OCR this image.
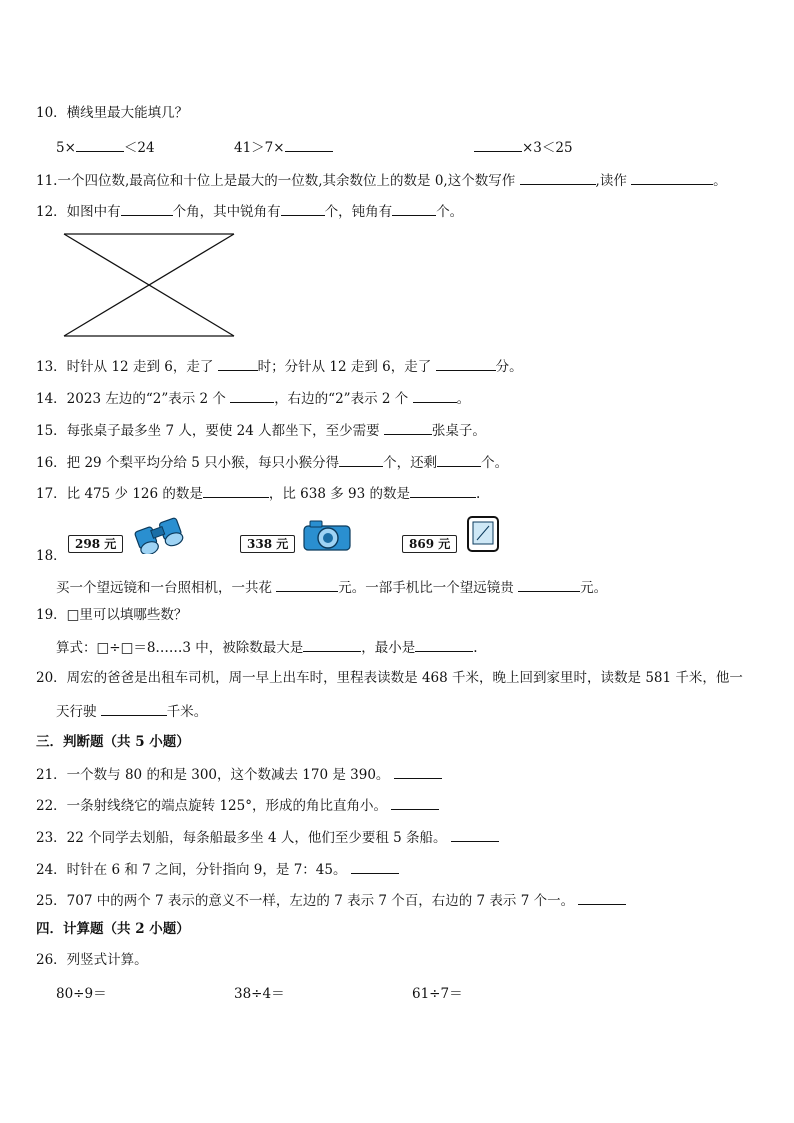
10．横线里最大能填几？
5×	＜24	41＞7×	×3＜25
11.一个四位数,最高位和十位上是最大的一位数,其余数位上的数是 0,这个数写作	,读作	。
12．如图中有	个角，其中锐角有	个，钝角有	个。
13．时针从 12 走到 6，走了	时；分针从 12 走到 6，走了	分。
14．2023 左边的“2”表示 2 个	，右边的“2”表示 2 个	。
15．每张桌子最多坐 7 人，要使 24 人都坐下，至少需要	张桌子。
16．把 29 个梨平均分给 5 只小猴，每只小猴分得	个，还剩	个。
17．比 475 少 126 的数是	，比 638 多 93 的数是	.
298 元	338 元	869 元
18．
买一个望远镜和一台照相机，一共花	元。一部手机比一个望远镜贵	元。
19．□里可以填哪些数？
算式：□÷□＝8……3 中，被除数最大是	，最小是	.
20．周宏的爸爸是出租车司机，周一早上出车时，里程表读数是 468 千米，晚上回到家里时，读数是 581 千米，他一
天行驶	千米。
三．判断题（共 5 小题）
21．一个数与 80 的和是 300，这个数减去 170 是 390。
22．一条射线绕它的端点旋转 125°，形成的角比直角小。
23．22 个同学去划船，每条船最多坐 4 人，他们至少要租 5 条船。
24．时针在 6 和 7 之间，分针指向 9，是 7：45。
25．707 中的两个 7 表示的意义不一样，左边的 7 表示 7 个百，右边的 7 表示 7 个一。
四．计算题（共 2 小题）
26．列竖式计算。
80÷9＝	38÷4＝	61÷7＝
